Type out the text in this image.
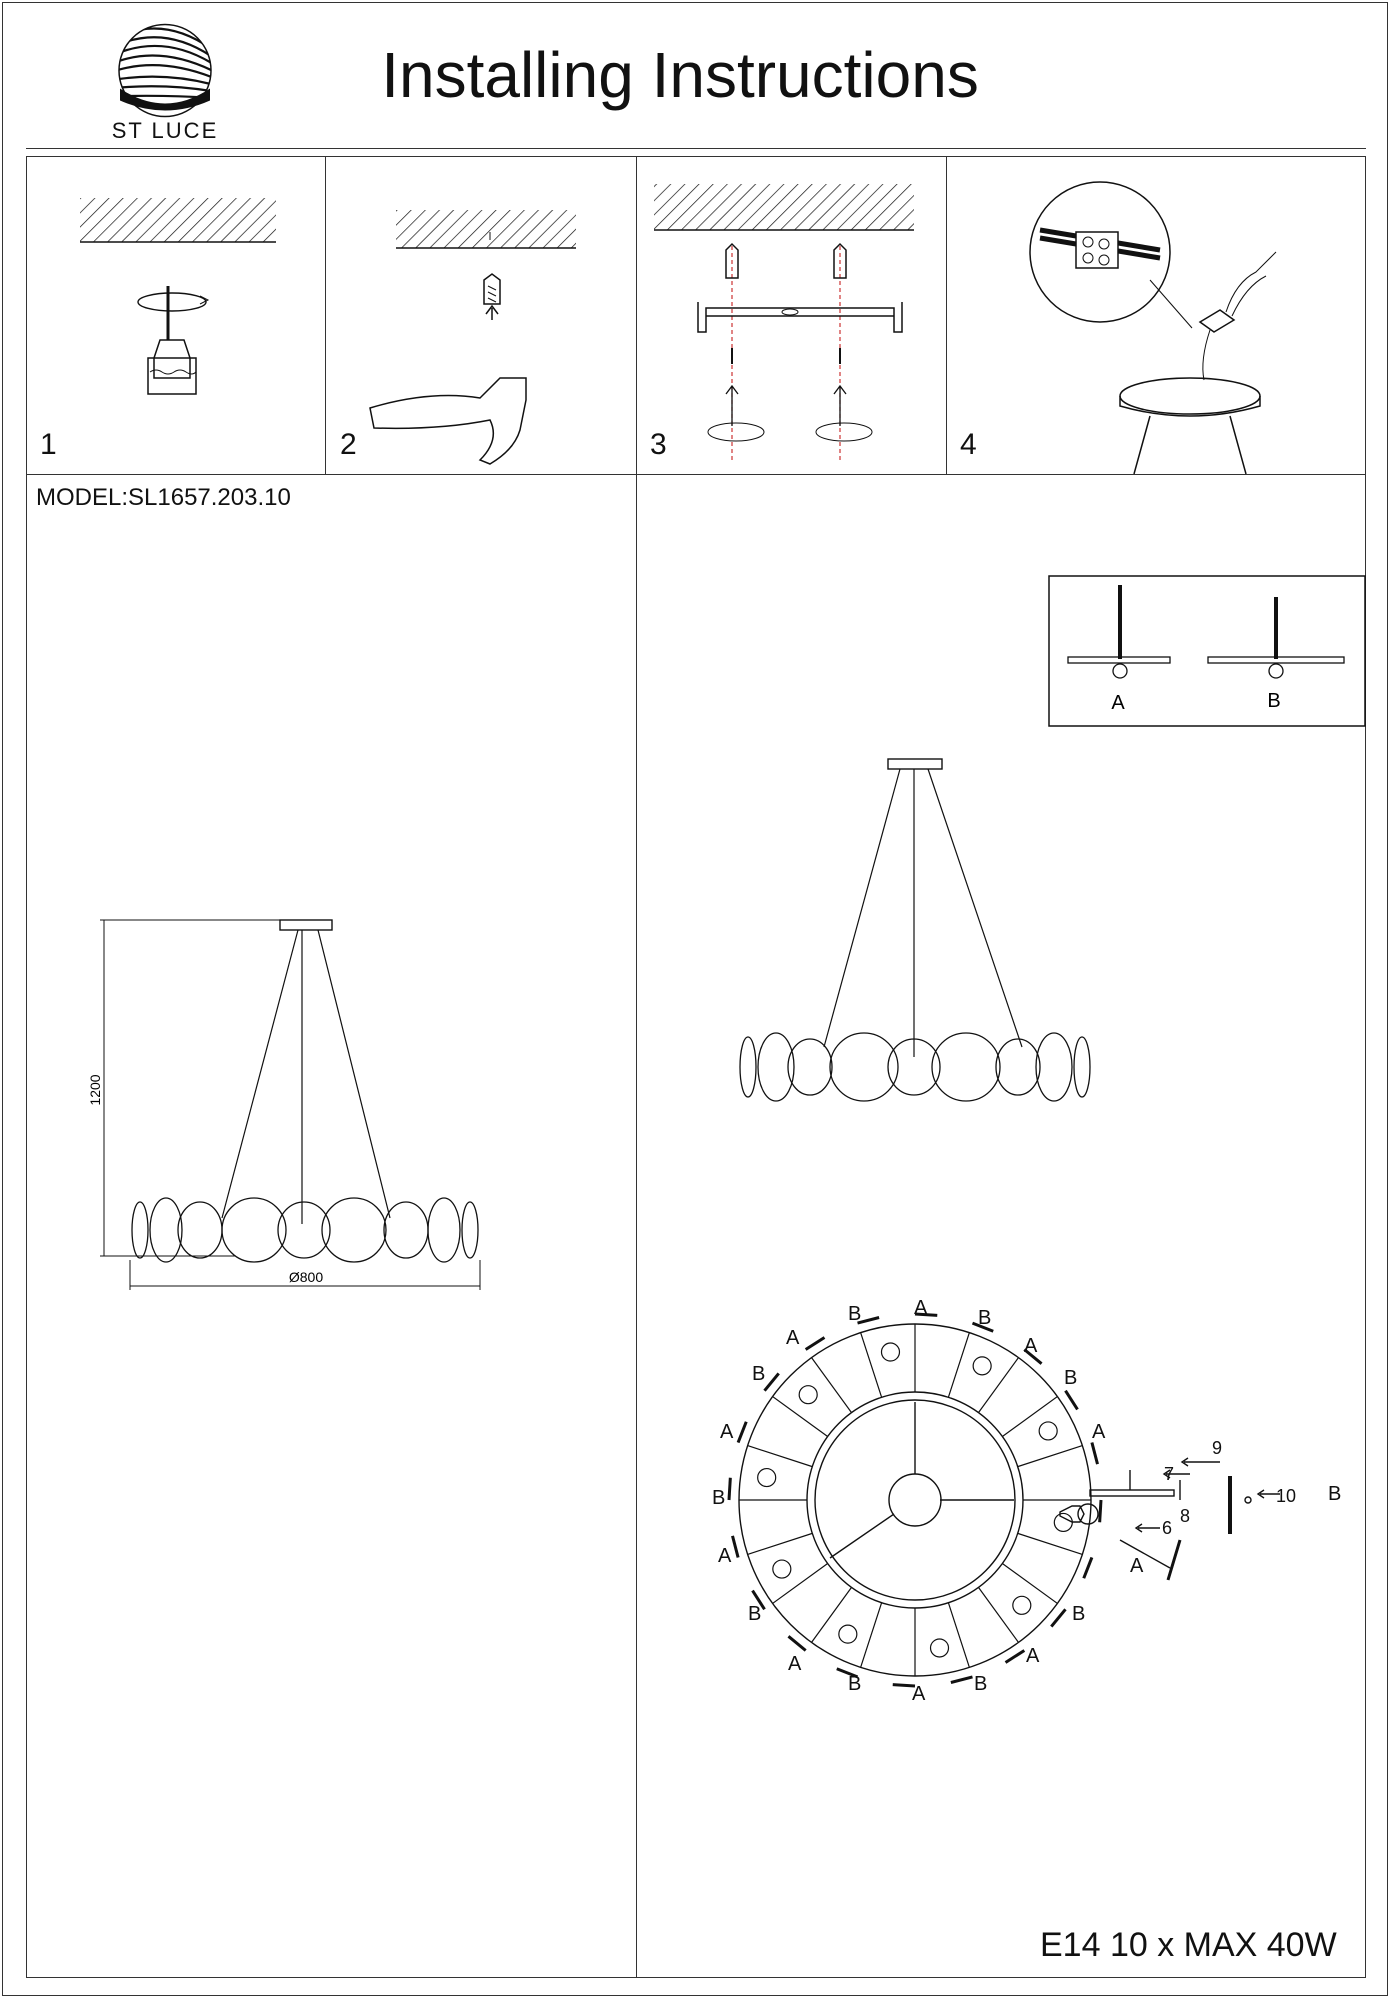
ST LUCE
Installing Instructions
1	2	3	4
MODEL:SL1657.203.10
1200
Ø800
A	B
A
B	B
A	A
B	B
A	A
B
A
B
A
B	A B
A
B
A
B
6
7
8
9
10
E14 10 x MAX 40W
